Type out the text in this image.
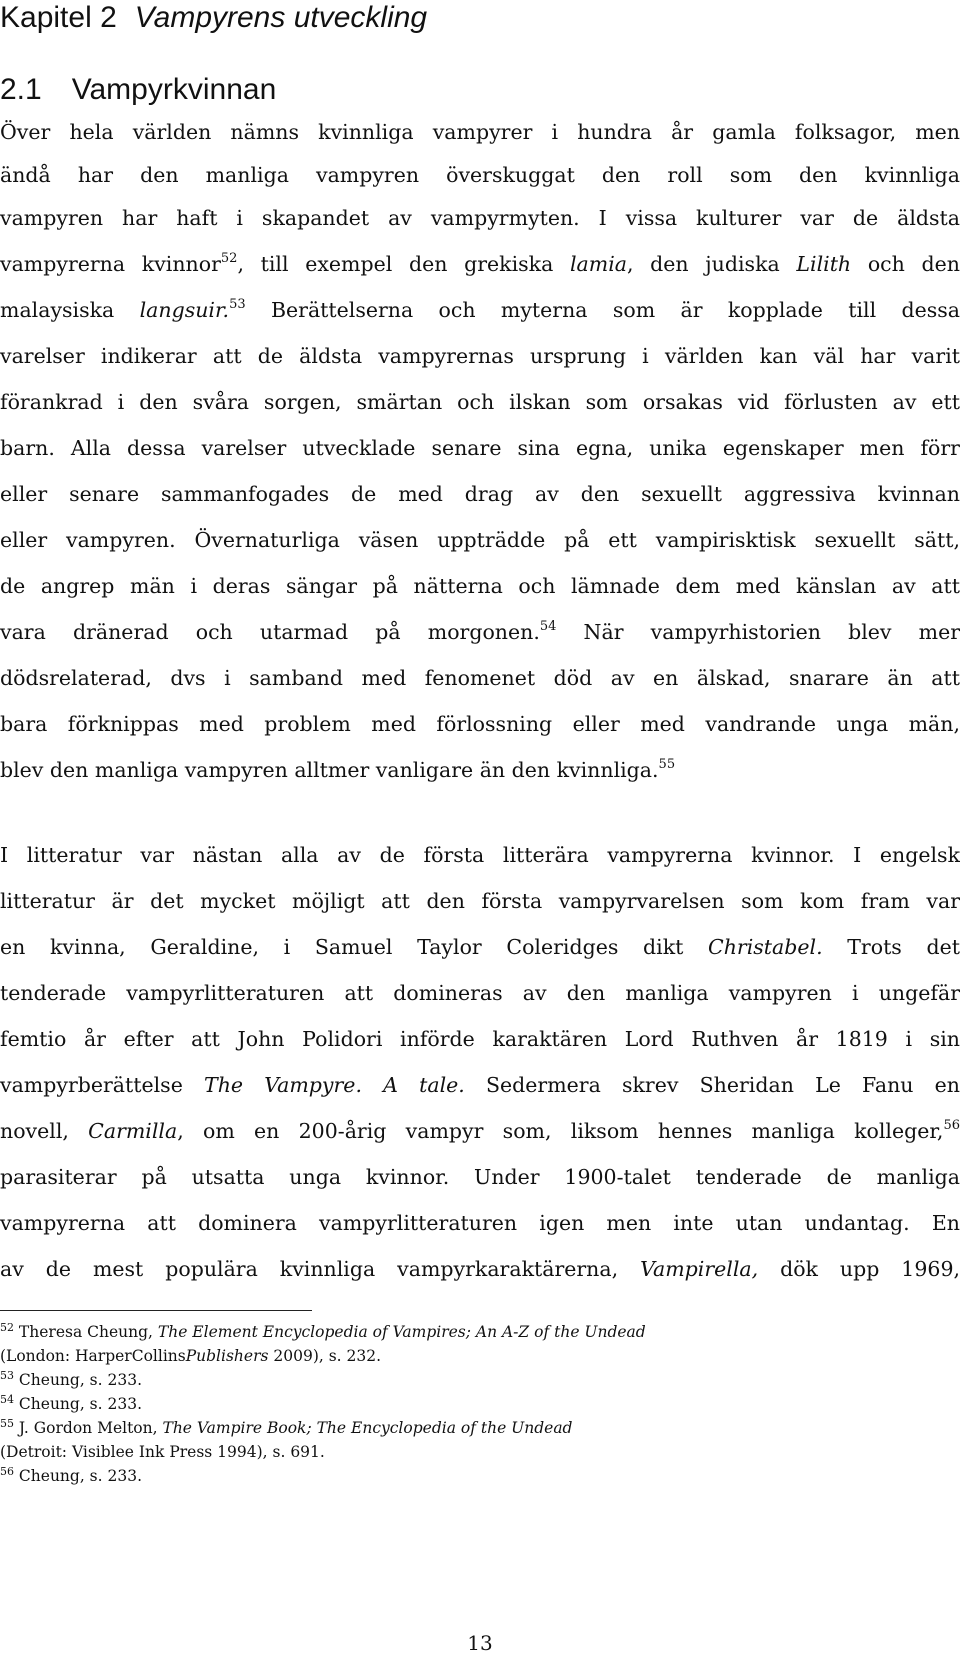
Kapitel 2 Vampyrens utveckling
2.1 Vampyrkvinnan
Över hela världen nämns kvinnliga vampyrer i hundra år gamla folksagor, men
ändå har den manliga vampyren överskuggat den roll som den kvinnliga
vampyren har haft i skapandet av vampyrmyten. I vissa kulturer var de äldsta
vampyrerna kvinnor$^{52}$, till exempel den grekiska lamia, den judiska Lilith och den
malaysiska langsuir.$^{53}$ Berättelserna och myterna som är kopplade till dessa
varelser indikerar att de äldsta vampyrernas ursprung i världen kan väl har varit
förankrad i den svåra sorgen, smärtan och ilskan som orsakas vid förlusten av ett
barn. Alla dessa varelser utvecklade senare sina egna, unika egenskaper men förr
eller senare sammanfogades de med drag av den sexuellt aggressiva kvinnan
eller vampyren. Övernaturliga väsen uppträdde på ett vampirisktisk sexuellt sätt,
de angrep män i deras sängar på nätterna och lämnade dem med känslan av att
vara dränerad och utarmad på morgonen.$^{54}$ När vampyrhistorien blev mer
dödsrelaterad, dvs i samband med fenomenet död av en älskad, snarare än att
bara förknippas med problem med förlossning eller med vandrande unga män,
blev den manliga vampyren alltmer vanligare än den kvinnliga.$^{55}$
I litteratur var nästan alla av de första litterära vampyrerna kvinnor. I engelsk
litteratur är det mycket möjligt att den första vampyrvarelsen som kom fram var
en kvinna, Geraldine, i Samuel Taylor Coleridges dikt Christabel. Trots det
tenderade vampyrlitteraturen att domineras av den manliga vampyren i ungefär
femtio år efter att John Polidori införde karaktären Lord Ruthven år 1819 i sin
vampyrberättelse The Vampyre. A tale. Sedermera skrev Sheridan Le Fanu en
novell, Carmilla, om en 200-årig vampyr som, liksom hennes manliga kolleger,$^{56}$
parasiterar på utsatta unga kvinnor. Under 1900-talet tenderade de manliga
vampyrerna att dominera vampyrlitteraturen igen men inte utan undantag. En
av de mest populära kvinnliga vampyrkaraktärerna, Vampirella, dök upp 1969,
$^{52}$ Theresa Cheung, The Element Encyclopedia of Vampires; An A-Z of the Undead
(London: HarperCollinsPublishers 2009), s. 232.
$^{53}$ Cheung, s. 233.
$^{54}$ Cheung, s. 233.
$^{55}$ J. Gordon Melton, The Vampire Book; The Encyclopedia of the Undead
(Detroit: Visiblee Ink Press 1994), s. 691.
$^{56}$ Cheung, s. 233.
13
